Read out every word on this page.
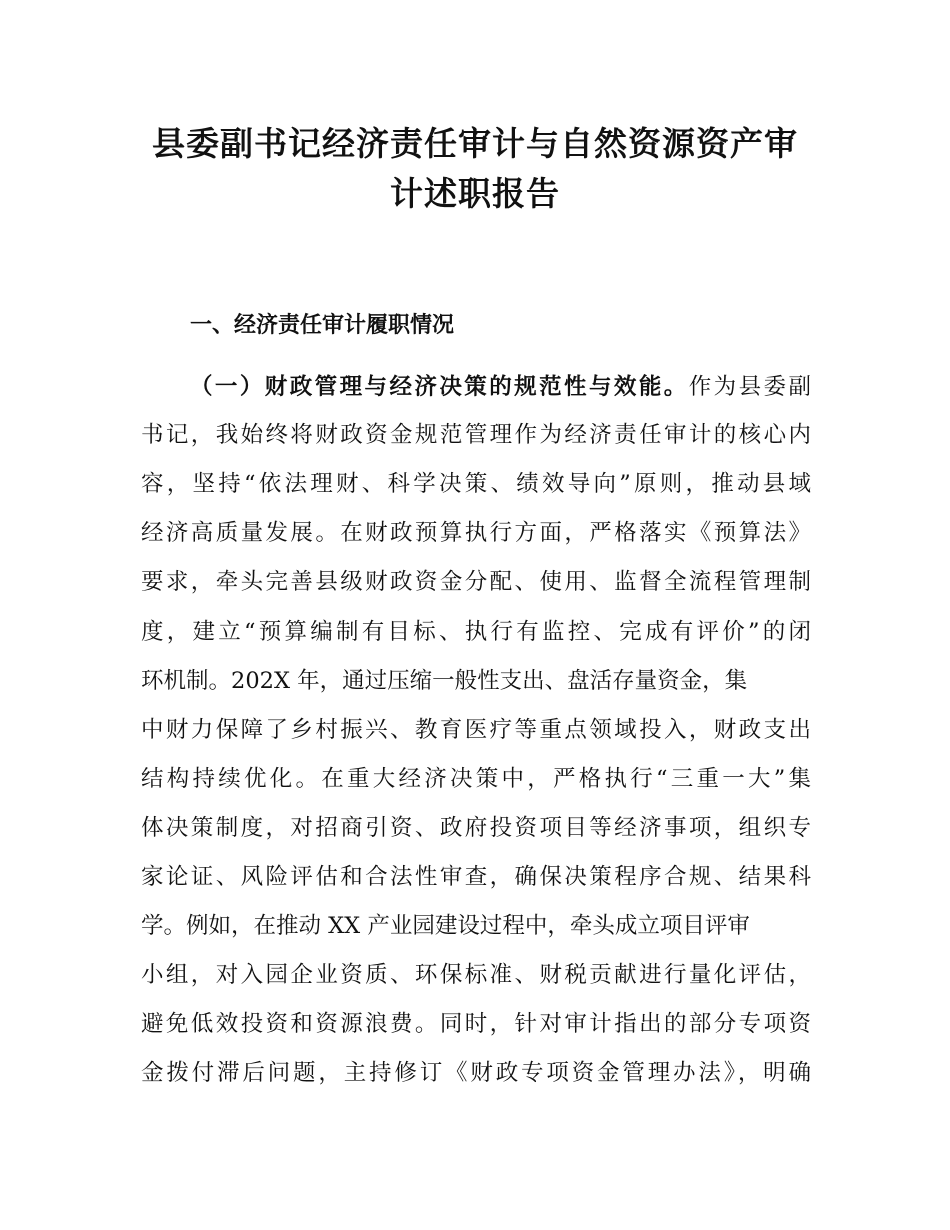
县委副书记经济责任审计与自然资源资产审
计述职报告
一、经济责任审计履职情况

（一）财政管理与经济决策的规范性与效能。作为县委副

书记，我始终将财政资金规范管理作为经济责任审计的核心内

容，坚持“依法理财、科学决策、绩效导向”原则，推动县域

经济高质量发展。在财政预算执行方面，严格落实《预算法》

要求，牵头完善县级财政资金分配、使用、监督全流程管理制

度，建立“预算编制有目标、执行有监控、完成有评价”的闭

环机制。202X 年，通过压缩一般性支出、盘活存量资金，集

中财力保障了乡村振兴、教育医疗等重点领域投入，财政支出

结构持续优化。在重大经济决策中，严格执行“三重一大”集

体决策制度，对招商引资、政府投资项目等经济事项，组织专

家论证、风险评估和合法性审查，确保决策程序合规、结果科

学。例如，在推动 XX 产业园建设过程中，牵头成立项目评审

小组，对入园企业资质、环保标准、财税贡献进行量化评估，

避免低效投资和资源浪费。同时，针对审计指出的部分专项资

金拨付滞后问题，主持修订《财政专项资金管理办法》，明确
